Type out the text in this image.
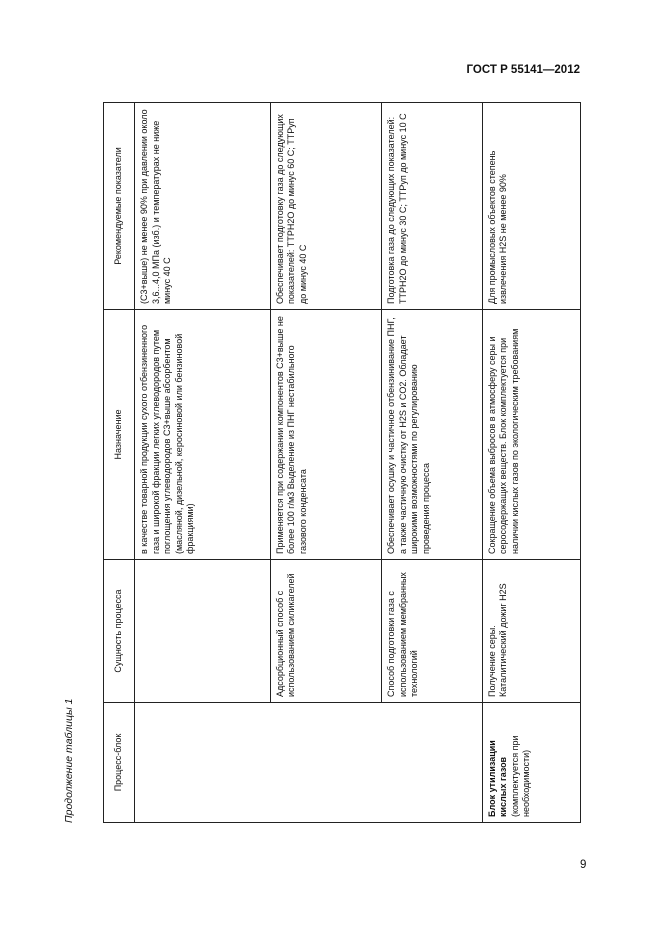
ГОСТ Р 55141—2012
Продолжение таблицы 1	Процесс-блок	Сущность процесса	Назначение	Рекомендуемые показатели
		в качестве товарной продукции сухого отбензиненного газа и широкой фракции легких углеводородов путем поглощения углеводородов C3+выше абсорбентом (масляной, дизельной, керосиновой или бензиновой фракциями)	(C3+выше) не менее 90% при давлении около 3,6...4,0 МПа (изб.) и температурах не ниже минус 40 С
	Адсорбционный способ с использованием силикагелей	Применяется при содержании компонентов C3+выше не более 100 г/м3 Выделение из ПНГ нестабильного газового конденсата	Обеспечивает подготовку газа до следующих показателей: ТТРH2O до минус 60 С; ТТРуп до минус 40 С
	Способ подготовки газа с использованием мембранных технологий	Обеспечивает осушку и частичное отбензинивание ПНГ, а также частичную очистку от H2S и CO2. Обладает широкими возможностями по регулированию проведения процесса	Подготовка газа до следующих показателей: ТТРH2O до минус 30 С; ТТРуп до минус 10 С
Блок утилизации кислых газов (комплектуется при необходимости)	Получение серы. Каталитический дожиг H2S	Сокращение объема выбросов в атмосферу серы и серосодержащих веществ. Блок комплектуется при наличии кислых газов по экологическим требованиям	Для промысловых объектов степень извлечения H2S не менее 90%
9
